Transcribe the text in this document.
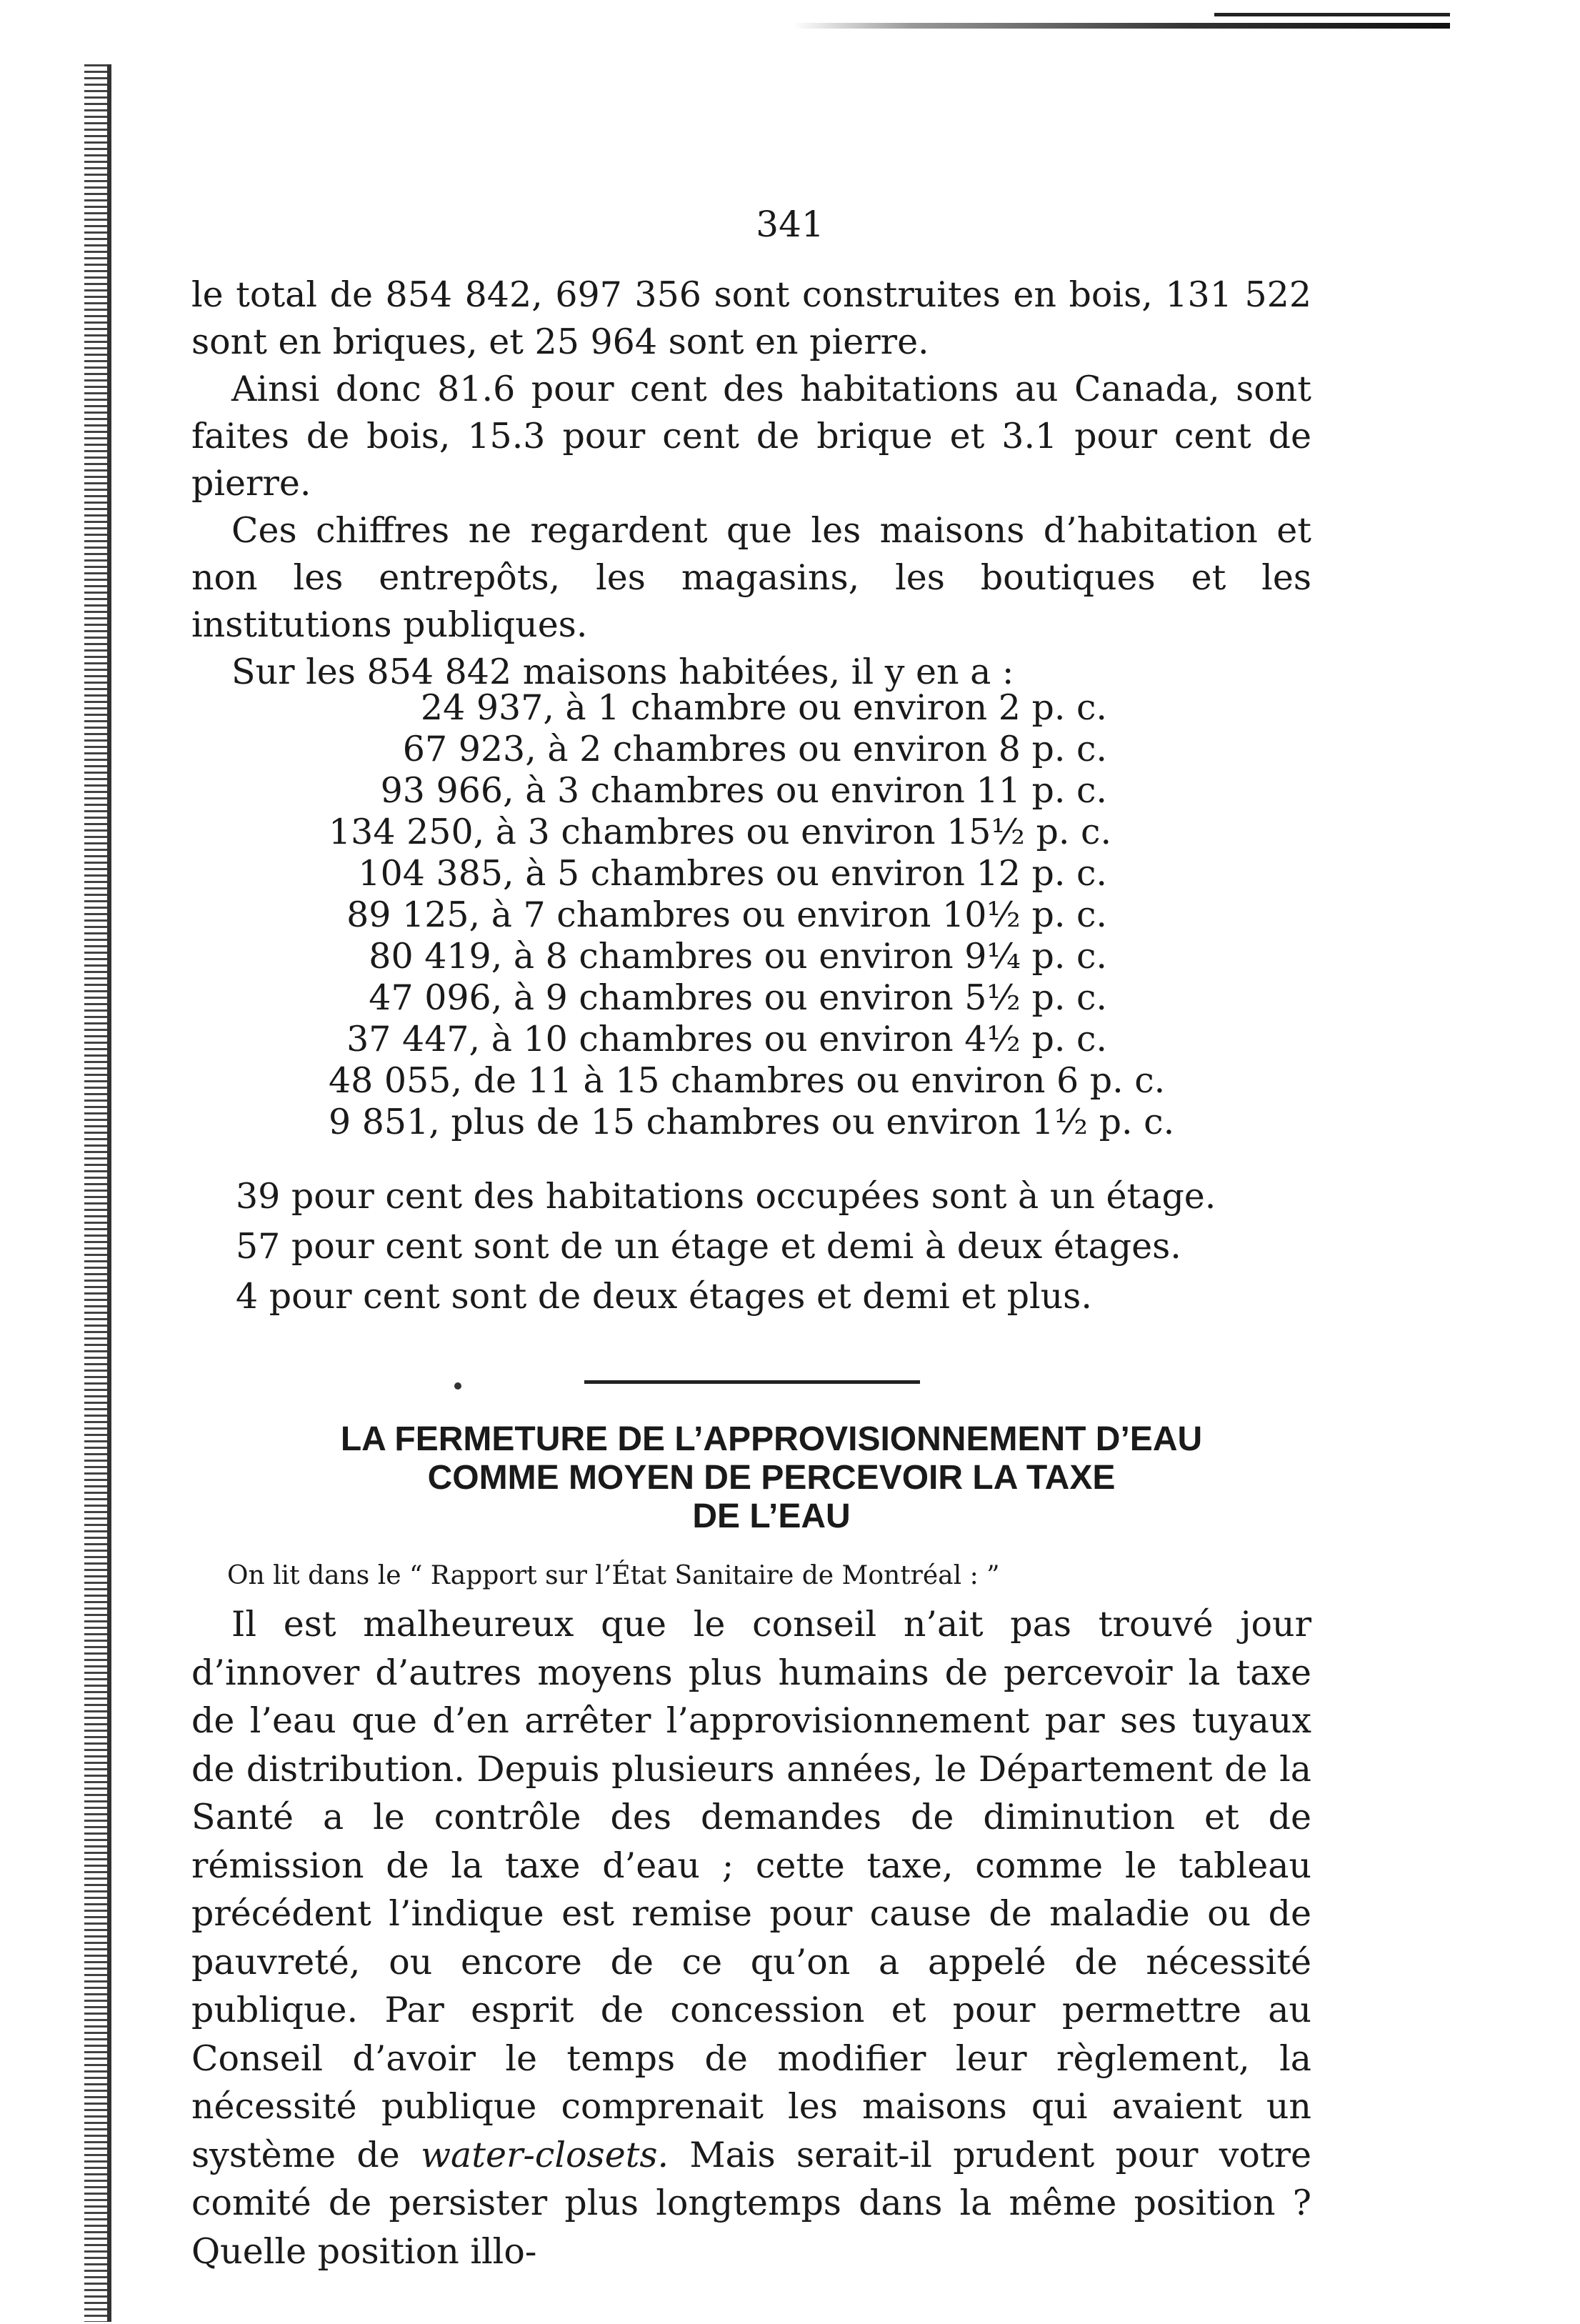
341

le total de 854 842, 697 356 sont construites en bois, 131 522 sont en briques, et 25 964 sont en pierre.

Ainsi donc 81.6 pour cent des habitations au Canada, sont faites de bois, 15.3 pour cent de brique et 3.1 pour cent de pierre.

Ces chiffres ne regardent que les maisons d’habitation et non les entrepôts, les magasins, les boutiques et les institutions publiques.

Sur les 854 842 maisons habitées, il y en a :

24 937, à 1 chambre ou environ 2 p. c.
67 923, à 2 chambres ou environ 8 p. c.
93 966, à 3 chambres ou environ 11 p. c.
134 250, à 3 chambres ou environ 15½ p. c.
104 385, à 5 chambres ou environ 12 p. c.
89 125, à 7 chambres ou environ 10½ p. c.
80 419, à 8 chambres ou environ 9¼ p. c.
47 096, à 9 chambres ou environ 5½ p. c.
37 447, à 10 chambres ou environ 4½ p. c.
48 055, de 11 à 15 chambres ou environ 6 p. c.
9 851, plus de 15 chambres ou environ 1½ p. c.

39 pour cent des habitations occupées sont à un étage.

57 pour cent sont de un étage et demi à deux étages.

4 pour cent sont de deux étages et demi et plus.

LA FERMETURE DE L’APPROVISIONNEMENT D’EAU
COMME MOYEN DE PERCEVOIR LA TAXE
DE L’EAU
On lit dans le “ Rapport sur l’État Sanitaire de Montréal : ”

Il est malheureux que le conseil n’ait pas trouvé jour d’innover d’autres moyens plus humains de percevoir la taxe de l’eau que d’en arrêter l’approvisionnement par ses tuyaux de distribution. Depuis plusieurs années, le Département de la Santé a le contrôle des demandes de diminution et de rémission de la taxe d’eau ; cette taxe, comme le tableau précédent l’indique est remise pour cause de maladie ou de pauvreté, ou encore de ce qu’on a appelé de nécessité publique. Par esprit de concession et pour permettre au Conseil d’avoir le temps de modifier leur règlement, la nécessité publique comprenait les maisons qui avaient un système de water-closets. Mais serait-il prudent pour votre comité de persister plus longtemps dans la même position ? Quelle position illo-
